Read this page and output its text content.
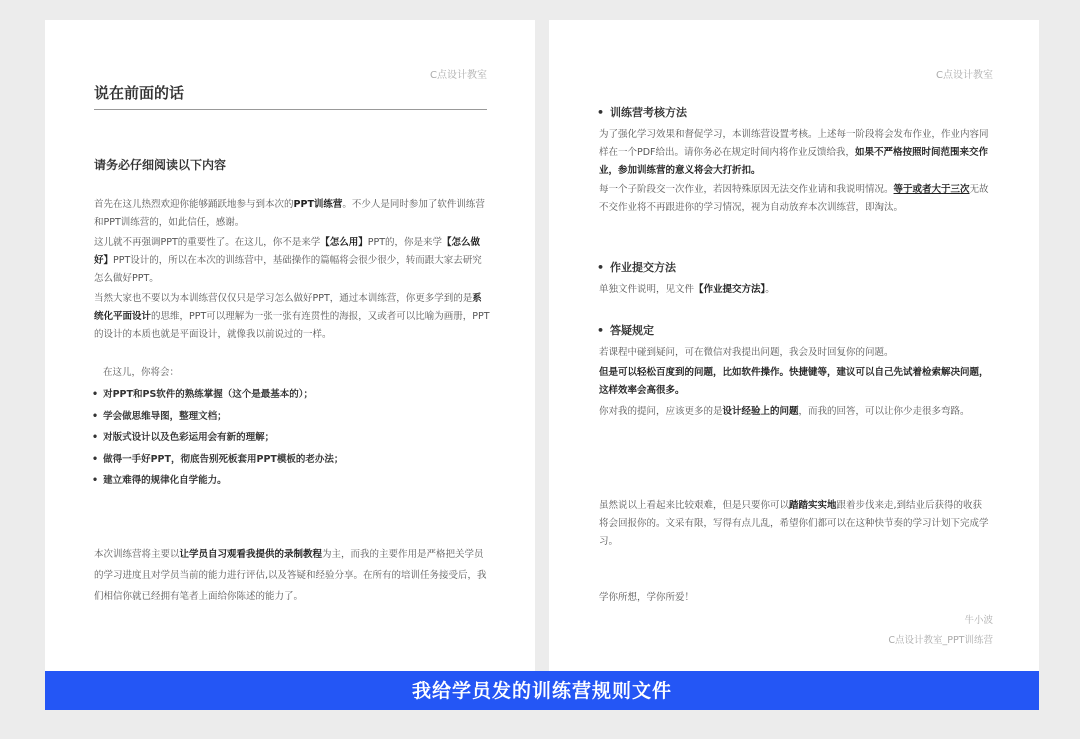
C点设计教室
说在前面的话
请务必仔细阅读以下内容

首先在这儿热烈欢迎你能够踊跃地参与到本次的PPT训练营。不少人是同时参加了软件训练营和PPT训练营的，如此信任，感谢。

这儿就不再强调PPT的重要性了。在这儿，你不是来学【怎么用】PPT的，你是来学【怎么做好】PPT设计的，所以在本次的训练营中，基础操作的篇幅将会很少很少，转而跟大家去研究怎么做好PPT。

当然大家也不要以为本训练营仅仅只是学习怎么做好PPT，通过本训练营，你更多学到的是系统化平面设计的思维，PPT可以理解为一张一张有连贯性的海报，又或者可以比喻为画册，PPT的设计的本质也就是平面设计，就像我以前说过的一样。

在这儿，你将会：
• 对PPT和PS软件的熟练掌握（这个是最基本的）；
• 学会做思维导图，整理文档；
• 对版式设计以及色彩运用会有新的理解；
• 做得一手好PPT，彻底告别死板套用PPT模板的老办法；
• 建立难得的规律化自学能力。

本次训练营将主要以让学员自习观看我提供的录制教程为主，而我的主要作用是严格把关学员的学习进度且对学员当前的能力进行评估,以及答疑和经验分享。在所有的培训任务接受后，我们相信你就已经拥有笔者上面给你陈述的能力了。

C点设计教室
• 训练营考核方法

为了强化学习效果和督促学习，本训练营设置考核。上述每一阶段将会发布作业，作业内容同样在一个PDF给出。请你务必在规定时间内将作业反馈给我，如果不严格按照时间范围来交作业，参加训练营的意义将会大打折扣。

每一个子阶段交一次作业，若因特殊原因无法交作业请和我说明情况。等于或者大于三次无故不交作业将不再跟进你的学习情况，视为自动放弃本次训练营，即淘汰。

• 作业提交方法

单独文件说明，见文件【作业提交方法】。

• 答疑规定

若课程中碰到疑问，可在微信对我提出问题，我会及时回复你的问题。

但是可以轻松百度到的问题，比如软件操作。快捷键等，建议可以自己先试着检索解决问题，这样效率会高很多。

你对我的提问，应该更多的是设计经验上的问题，而我的回答，可以让你少走很多弯路。

虽然说以上看起来比较艰难，但是只要你可以踏踏实实地跟着步伐来走,到结业后获得的收获将会回报你的。文采有限，写得有点儿乱，希望你们都可以在这种快节奏的学习计划下完成学习。

学你所想，学你所爱！

牛小波
C点设计教室_PPT训练营
我给学员发的训练营规则文件
